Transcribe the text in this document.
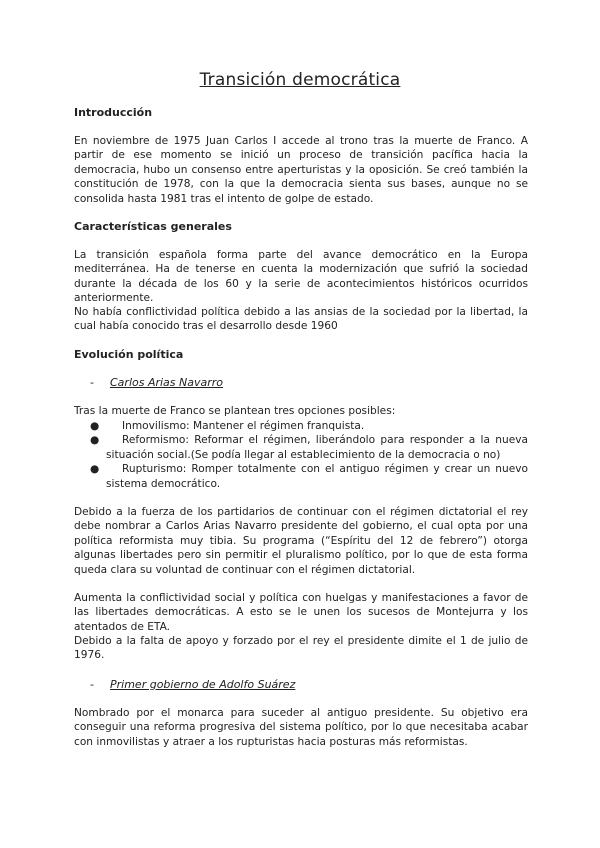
Transición democrática
Introducción
En noviembre de 1975 Juan Carlos I accede al trono tras la muerte de Franco. A partir de ese momento se inició un proceso de transición pacífica hacia la democracia, hubo un consenso entre aperturistas y la oposición. Se creó también la constitución de 1978, con la que la democracia sienta sus bases, aunque no se consolida hasta 1981 tras el intento de golpe de estado.
Características generales
La transición española forma parte del avance democrático en la Europa mediterránea. Ha de tenerse en cuenta la modernización que sufrió la sociedad durante la década de los 60 y la serie de acontecimientos históricos ocurridos anteriormente.
No había conflictividad política debido a las ansias de la sociedad por la libertad, la cual había conocido tras el desarrollo desde 1960
Evolución política
- Carlos Arias Navarro
Tras la muerte de Franco se plantean tres opciones posibles:
●	Inmovilismo: Mantener el régimen franquista.
●	Reformismo: Reformar el régimen, liberándolo para responder a la nueva situación social.(Se podía llegar al establecimiento de la democracia o no)
●	Rupturismo: Romper totalmente con el antiguo régimen y crear un nuevo sistema democrático.
Debido a la fuerza de los partidarios de continuar con el régimen dictatorial el rey debe nombrar a Carlos Arias Navarro presidente del gobierno, el cual opta por una política reformista muy tibia. Su programa (“Espíritu del 12 de febrero”) otorga algunas libertades pero sin permitir el pluralismo político, por lo que de esta forma queda clara su voluntad de continuar con el régimen dictatorial.
Aumenta la conflictividad social y política con huelgas y manifestaciones a favor de las libertades democráticas. A esto se le unen los sucesos de Montejurra y los atentados de ETA.
Debido a la falta de apoyo y forzado por el rey el presidente dimite el 1 de julio de 1976.
- Primer gobierno de Adolfo Suárez
Nombrado por el monarca para suceder al antiguo presidente. Su objetivo era conseguir una reforma progresiva del sistema político, por lo que necesitaba acabar con inmovilistas y atraer a los rupturistas hacia posturas más reformistas.
